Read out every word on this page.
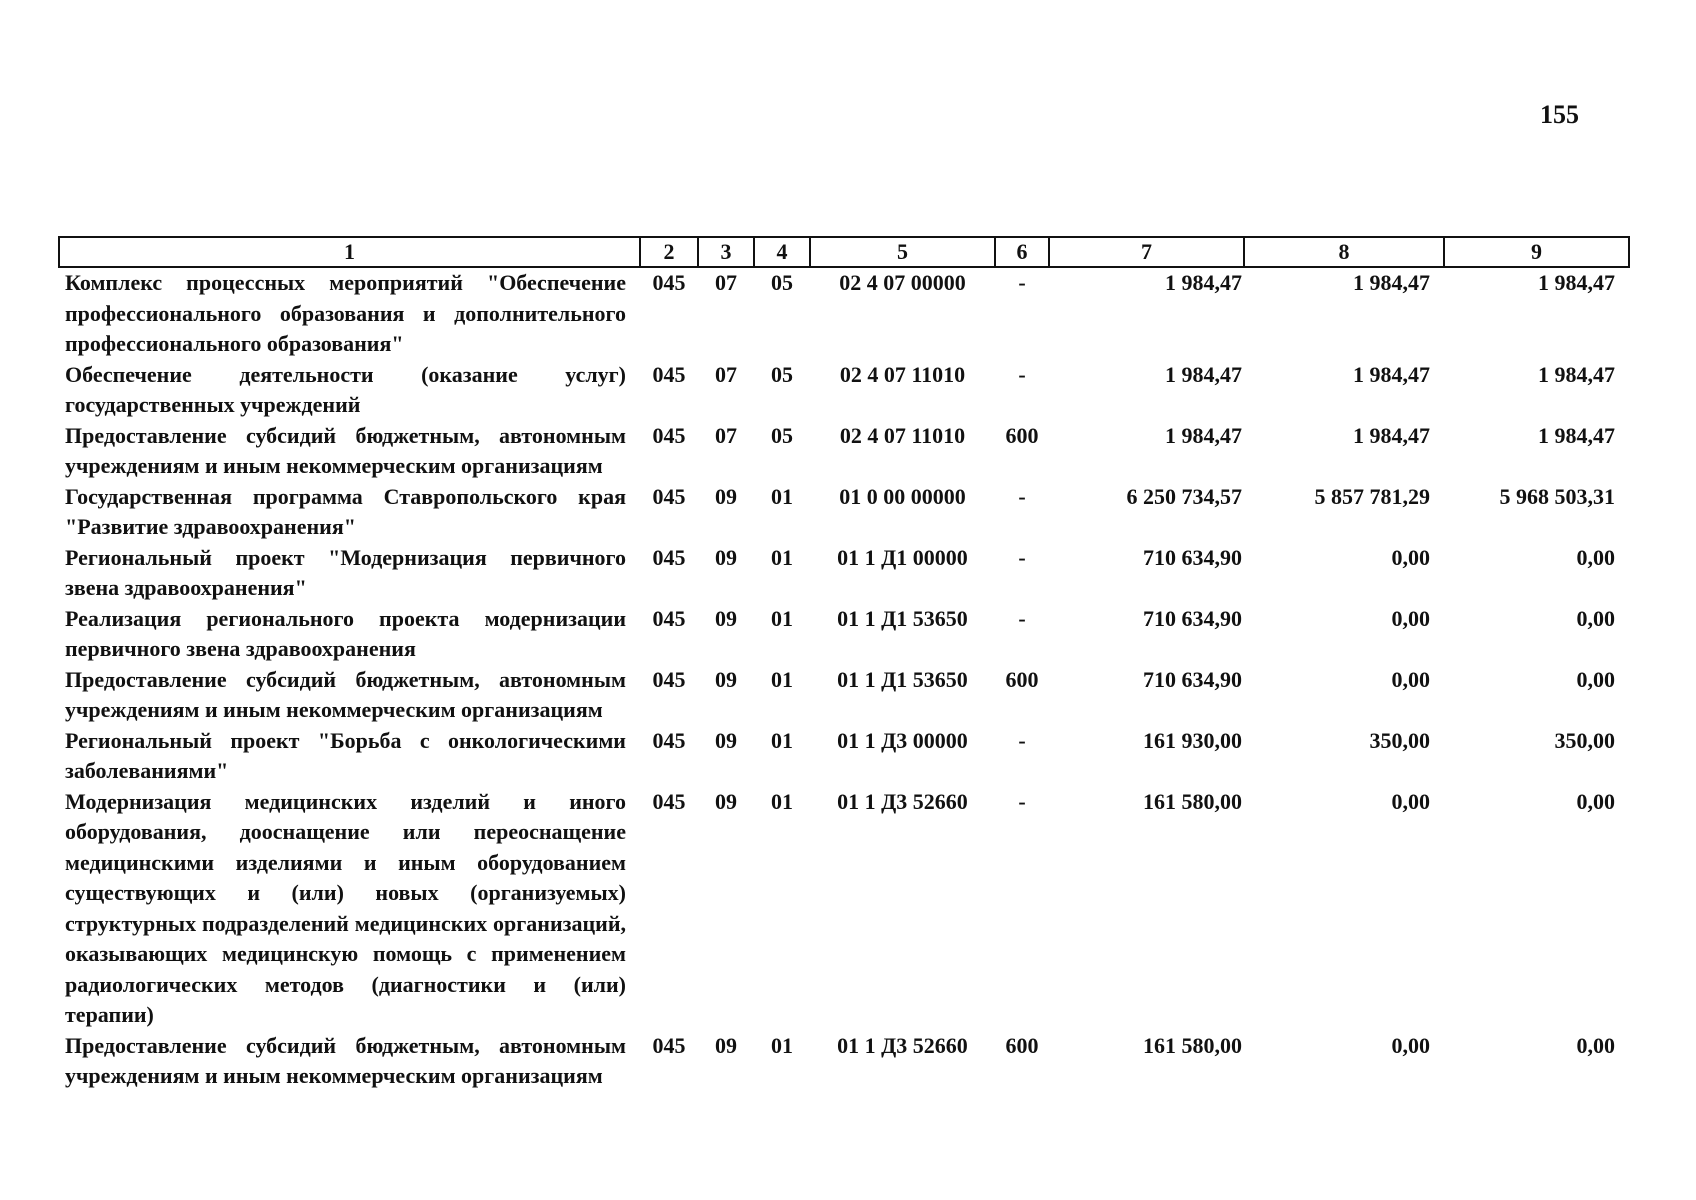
155
1	2	3	4	5	6	7	8	9
Комплекс процессных мероприятий "Обеспечение профессионального образования и дополнительного профессионального образования"	045	07	05	02 4 07 00000	-	1 984,47	1 984,47	1 984,47
Обеспечение деятельности (оказание услуг) государственных учреждений	045	07	05	02 4 07 11010	-	1 984,47	1 984,47	1 984,47
Предоставление субсидий бюджетным, автономным учреждениям и иным некоммерческим организациям	045	07	05	02 4 07 11010	600	1 984,47	1 984,47	1 984,47
Государственная программа Ставропольского края "Развитие здравоохранения"	045	09	01	01 0 00 00000	-	6 250 734,57	5 857 781,29	5 968 503,31
Региональный проект "Модернизация первичного звена здравоохранения"	045	09	01	01 1 Д1 00000	-	710 634,90	0,00	0,00
Реализация регионального проекта модернизации первичного звена здравоохранения	045	09	01	01 1 Д1 53650	-	710 634,90	0,00	0,00
Предоставление субсидий бюджетным, автономным учреждениям и иным некоммерческим организациям	045	09	01	01 1 Д1 53650	600	710 634,90	0,00	0,00
Региональный проект "Борьба с онкологическими заболеваниями"	045	09	01	01 1 Д3 00000	-	161 930,00	350,00	350,00
Модернизация медицинских изделий и иного оборудования, дооснащение или переоснащение медицинскими изделиями и иным оборудованием существующих и (или) новых (организуемых) структурных подразделений медицинских организаций, оказывающих медицинскую помощь с применением радиологических методов (диагностики и (или) терапии)	045	09	01	01 1 Д3 52660	-	161 580,00	0,00	0,00
Предоставление субсидий бюджетным, автономным учреждениям и иным некоммерческим организациям	045	09	01	01 1 Д3 52660	600	161 580,00	0,00	0,00
